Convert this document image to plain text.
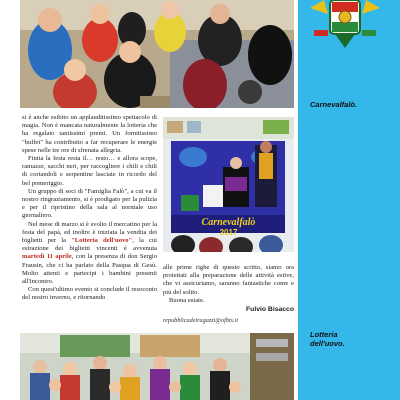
Carnevalfalò.
Carnevalfalò
2017

si è anche esibito un applauditissimo spettacolo di magia. Non è mancata naturalmente la lotteria che ha regalato tantissimi premi. Un fornitissimo "buffet" ha contribuito a far recuperare le energie spese nelle tre ore di sfrenata allegria.

Finita la festa resta il… resto… e allora scope, ramazze, sacchi neri, per raccogliere i chili e chili di coriandoli e serpentine lasciate in ricordo del bel pomeriggio.

Un gruppo di soci di "Famiglia Falò", a cui va il nostro ringraziamento, si è prodigato per la pulizia e per il ripristino della sala al normale uso giornaliero.

Nel mese di marzo si è svolto il mercatino per la festa del papà, ed inoltre è iniziata la vendita dei biglietti per la "Lotteria dell'uovo", la cui estrazione dei biglietti vincenti è avvenuta martedì 11 aprile, con la presenza di don Sergio Frausin, che ci ha parlato della Pasqua di Gesù. Molto attenti e partecipi i bambini presenti all'incontro.

Con quest'ultimo evento si conclude il resoconto del nostro inverno, e ritornando

alle prime righe di questo scritto, siamo ora proiettati alla preparazione delle attività estive, che vi assicuriamo, saranno fantastiche come e più del solito.

Buona estate.

Fulvio Bisacco
repubblicadeiragazzi@ofbts.it
Lotteria dell'uovo.
